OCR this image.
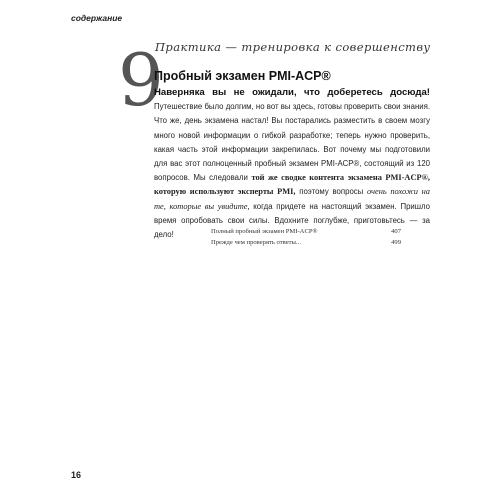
содержание
9
Практика — тренировка к совершенству
Пробный экзамен PMI-ACP®
Наверняка вы не ожидали, что доберетесь досюда! Путешествие было долгим, но вот вы здесь, готовы проверить свои знания. Что же, день экзамена настал! Вы постарались разместить в своем мозгу много новой информации о гибкой разработке; теперь нужно проверить, какая часть этой информации закрепилась. Вот почему мы подготовили для вас этот полноценный пробный экзамен PMI-ACP®, состоящий из 120 вопросов. Мы следовали той же сводке контента экзамена PMI-ACP®, которую используют эксперты PMI, поэтому вопросы очень похожи на те, которые вы увидите, когда придете на настоящий экзамен. Пришло время опробовать свои силы. Вдохните поглубже, приготовьтесь — за дело!	Полный пробный экзамен PMI-ACP®	407
Прежде чем проверять ответы...	499
16
